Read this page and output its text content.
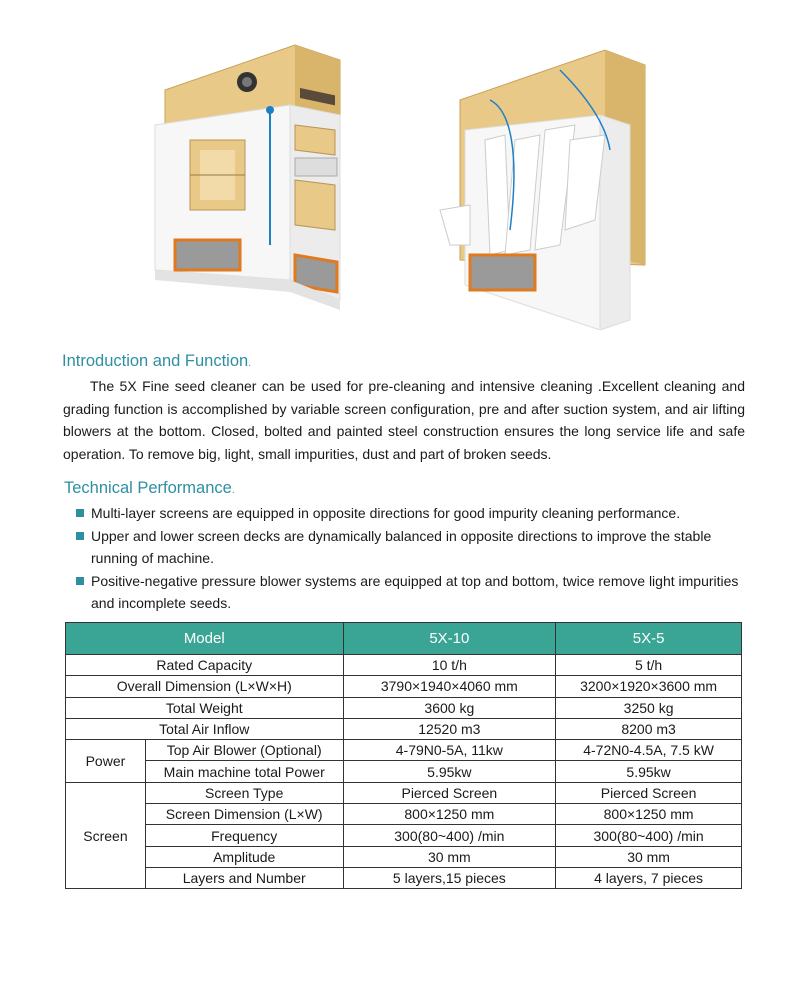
Introduction and Function.

The 5X Fine seed cleaner can be used for pre-cleaning and intensive cleaning .Excellent cleaning and grading function is accomplished by variable screen configuration, pre and after suction system, and air lifting blowers at the bottom. Closed, bolted and painted steel construction ensures the long service life and safe operation. To remove big, light, small impurities, dust and part of broken seeds.

Technical Performance.
Multi-layer screens are equipped in opposite directions for good impurity cleaning performance.
Upper and lower screen decks are dynamically balanced in opposite directions to improve the stable running of machine.
Positive-negative pressure blower systems are equipped at top and bottom, twice remove light impurities and incomplete seeds.
Model		5X-10	5X-5
Rated Capacity		10 t/h	5 t/h
Overall Dimension (L×W×H)		3790×1940×4060 mm	3200×1920×3600 mm
Total Weight		3600 kg	3250 kg
Total Air Inflow		12520 m3	8200 m3
Power	Top Air Blower (Optional)	4-79N0-5A, 11kw	4-72N0-4.5A, 7.5 kW
	Main machine total Power	5.95kw	5.95kw
Screen	Screen Type	Pierced Screen	Pierced Screen
	Screen Dimension (L×W)	800×1250 mm	800×1250 mm
	Frequency	300(80~400) /min	300(80~400) /min
	Amplitude	30 mm	30 mm
	Layers and Number	5 layers,15 pieces	4 layers, 7 pieces
